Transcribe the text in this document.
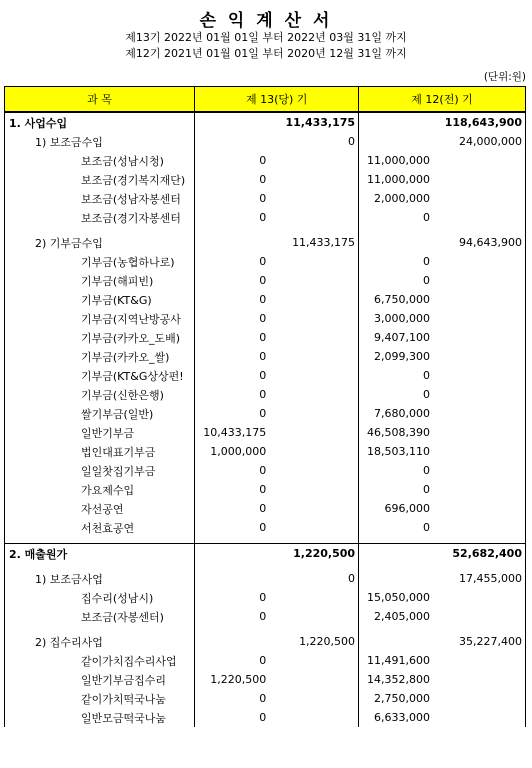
손 익 계 산 서
제13기 2022년 01월 01일 부터 2022년 03월 31일 까지
제12기 2021년 01월 01일 부터 2020년 12월 31일 까지
(단위:원)
과 목	제 13(당) 기		제 12(전) 기	
1. 사업수입		11,433,175		118,643,900
1) 보조금수입		0		24,000,000
보조금(성남시청)	0		11,000,000	
보조금(경기복지재단)	0		11,000,000	
보조금(성남자봉센터	0		2,000,000	
보조금(경기자봉센터	0		0	

2) 기부금수입		11,433,175		94,643,900
기부금(농협하나로)	0		0	
기부금(해피빈)	0		0	
기부금(KT&G)	0		6,750,000	
기부금(지역난방공사	0		3,000,000	
기부금(카카오_도배)	0		9,407,100	
기부금(카카오_쌀)	0		2,099,300	
기부금(KT&G상상펀!	0		0	
기부금(신한은행)	0		0	
쌀기부금(일반)	0		7,680,000	
일반기부금	10,433,175		46,508,390	
법인대표기부금	1,000,000		18,503,110	
일일찻집기부금	0		0	
가요제수입	0		0	
자선공연	0		696,000	
서천효공연	0		0	

2. 매출원가		1,220,500		52,682,400

1) 보조금사업		0		17,455,000
집수리(성남시)	0		15,050,000	
보조금(자봉센터)	0		2,405,000	

2) 집수리사업		1,220,500		35,227,400
같이가치집수리사업	0		11,491,600	
일반기부금집수리	1,220,500		14,352,800	
같이가치떡국나눔	0		2,750,000	
일반모금떡국나눔	0		6,633,000	
